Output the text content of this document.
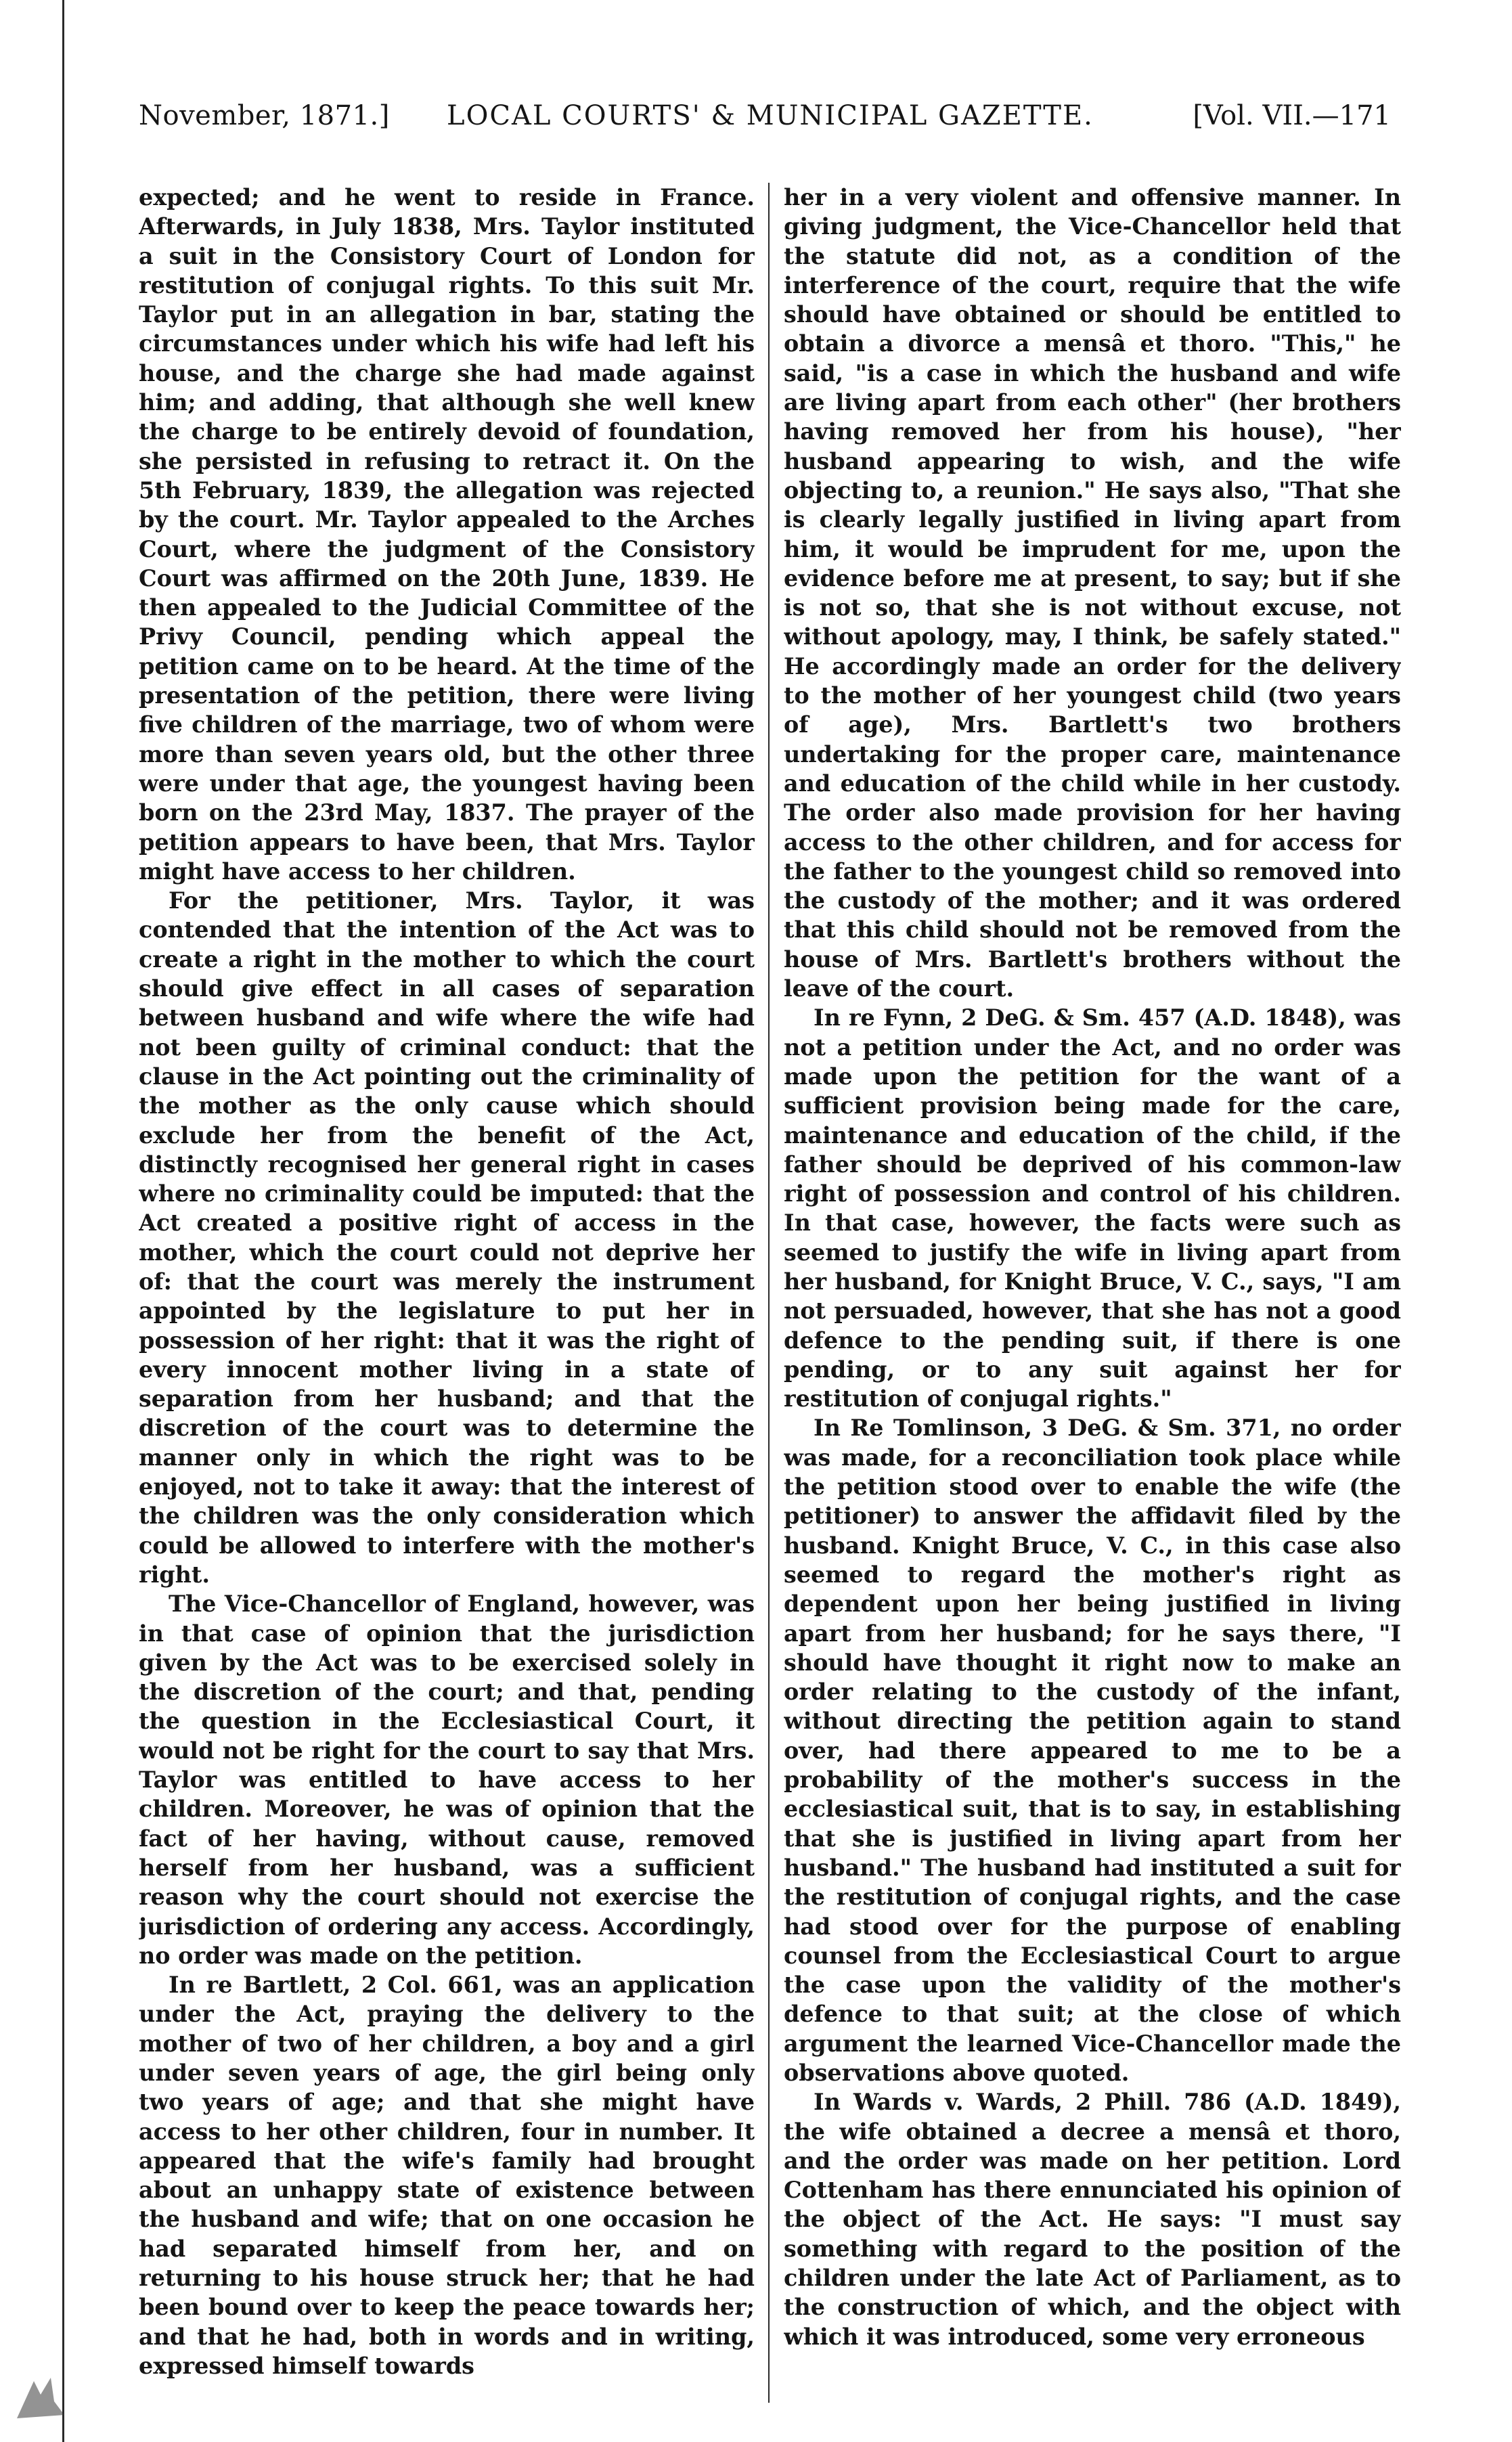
November, 1871.] LOCAL COURTS' & MUNICIPAL GAZETTE.	[Vol. VII.—171

expected; and he went to reside in France. Afterwards, in July 1838, Mrs. Taylor instituted a suit in the Consistory Court of London for restitution of conjugal rights. To this suit Mr. Taylor put in an allegation in bar, stating the circumstances under which his wife had left his house, and the charge she had made against him; and adding, that although she well knew the charge to be entirely devoid of foundation, she persisted in refusing to retract it. On the 5th February, 1839, the allegation was rejected by the court. Mr. Taylor appealed to the Arches Court, where the judgment of the Consistory Court was affirmed on the 20th June, 1839. He then appealed to the Judicial Committee of the Privy Council, pending which appeal the petition came on to be heard. At the time of the presentation of the petition, there were living five children of the marriage, two of whom were more than seven years old, but the other three were under that age, the youngest having been born on the 23rd May, 1837. The prayer of the petition appears to have been, that Mrs. Taylor might have access to her children.

For the petitioner, Mrs. Taylor, it was contended that the intention of the Act was to create a right in the mother to which the court should give effect in all cases of separation between husband and wife where the wife had not been guilty of criminal conduct: that the clause in the Act pointing out the criminality of the mother as the only cause which should exclude her from the benefit of the Act, distinctly recognised her general right in cases where no criminality could be imputed: that the Act created a positive right of access in the mother, which the court could not deprive her of: that the court was merely the instrument appointed by the legislature to put her in possession of her right: that it was the right of every innocent mother living in a state of separation from her husband; and that the discretion of the court was to determine the manner only in which the right was to be enjoyed, not to take it away: that the interest of the children was the only consideration which could be allowed to interfere with the mother's right.

The Vice-Chancellor of England, however, was in that case of opinion that the jurisdiction given by the Act was to be exercised solely in the discretion of the court; and that, pending the question in the Ecclesiastical Court, it would not be right for the court to say that Mrs. Taylor was entitled to have access to her children. Moreover, he was of opinion that the fact of her having, without cause, removed herself from her husband, was a sufficient reason why the court should not exercise the jurisdiction of ordering any access. Accordingly, no order was made on the petition.

In re Bartlett, 2 Col. 661, was an application under the Act, praying the delivery to the mother of two of her children, a boy and a girl under seven years of age, the girl being only two years of age; and that she might have access to her other children, four in number. It appeared that the wife's family had brought about an unhappy state of existence between the husband and wife; that on one occasion he had separated himself from her, and on returning to his house struck her; that he had been bound over to keep the peace towards her; and that he had, both in words and in writing, expressed himself towards

her in a very violent and offensive manner. In giving judgment, the Vice-Chancellor held that the statute did not, as a condition of the interference of the court, require that the wife should have obtained or should be entitled to obtain a divorce a mensâ et thoro. "This," he said, "is a case in which the husband and wife are living apart from each other" (her brothers having removed her from his house), "her husband appearing to wish, and the wife objecting to, a reunion." He says also, "That she is clearly legally justified in living apart from him, it would be imprudent for me, upon the evidence before me at present, to say; but if she is not so, that she is not without excuse, not without apology, may, I think, be safely stated." He accordingly made an order for the delivery to the mother of her youngest child (two years of age), Mrs. Bartlett's two brothers undertaking for the proper care, maintenance and education of the child while in her custody. The order also made provision for her having access to the other children, and for access for the father to the youngest child so removed into the custody of the mother; and it was ordered that this child should not be removed from the house of Mrs. Bartlett's brothers without the leave of the court.

In re Fynn, 2 DeG. & Sm. 457 (A.D. 1848), was not a petition under the Act, and no order was made upon the petition for the want of a sufficient provision being made for the care, maintenance and education of the child, if the father should be deprived of his common-law right of possession and control of his children. In that case, however, the facts were such as seemed to justify the wife in living apart from her husband, for Knight Bruce, V. C., says, "I am not persuaded, however, that she has not a good defence to the pending suit, if there is one pending, or to any suit against her for restitution of conjugal rights."

In Re Tomlinson, 3 DeG. & Sm. 371, no order was made, for a reconciliation took place while the petition stood over to enable the wife (the petitioner) to answer the affidavit filed by the husband. Knight Bruce, V. C., in this case also seemed to regard the mother's right as dependent upon her being justified in living apart from her husband; for he says there, "I should have thought it right now to make an order relating to the custody of the infant, without directing the petition again to stand over, had there appeared to me to be a probability of the mother's success in the ecclesiastical suit, that is to say, in establishing that she is justified in living apart from her husband." The husband had instituted a suit for the restitution of conjugal rights, and the case had stood over for the purpose of enabling counsel from the Ecclesiastical Court to argue the case upon the validity of the mother's defence to that suit; at the close of which argument the learned Vice-Chancellor made the observations above quoted.

In Wards v. Wards, 2 Phill. 786 (A.D. 1849), the wife obtained a decree a mensâ et thoro, and the order was made on her petition. Lord Cottenham has there ennunciated his opinion of the object of the Act. He says: "I must say something with regard to the position of the children under the late Act of Parliament, as to the construction of which, and the object with which it was introduced, some very erroneous
